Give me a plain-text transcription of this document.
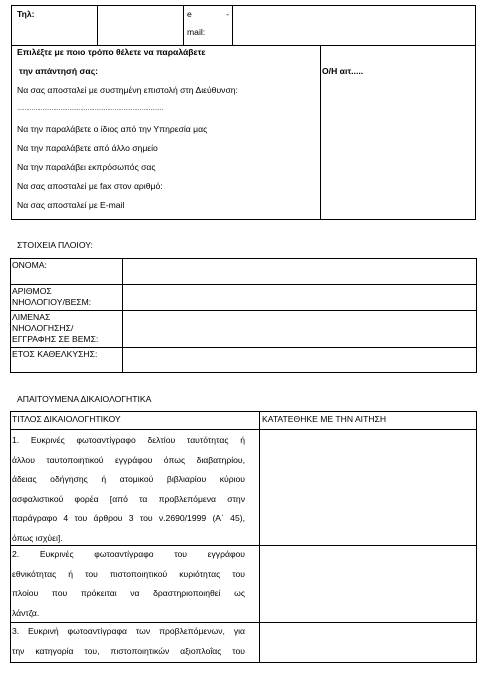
Τηλ:	e -
mail:
Επιλέξτε με ποιο τρόπο θέλετε να παραλάβετε
την απάντησή σας:	Ο/Η αιτ.....
Να σας αποσταλεί με συστημένη επιστολή στη Διεύθυνση:
………………………………………………………………………
Να την παραλάβετε ο ίδιος από την Υπηρεσία μας
Να την παραλάβετε από άλλο σημείο
Να την παραλάβει εκπρόσωπός σας
Να σας αποσταλεί με fax στον αριθμό:
Να σας αποσταλεί με E-mail
ΣΤΟΙΧΕΙΑ ΠΛΟΙΟΥ:
ΟΝΟΜΑ:
ΑΡΙΘΜΟΣ
ΝΗΟΛΟΓΙΟΥ/ΒΕΣΜ:
ΛΙΜΕΝΑΣ
ΝΗΟΛΟΓΗΣΗΣ/
ΕΓΓΡΑΦΗΣ ΣΕ ΒΕΜΣ:
ΕΤΟΣ ΚΑΘΕΛΚΥΣΗΣ:
ΑΠΑΙΤΟΥΜΕΝΑ ΔΙΚΑΙΟΛΟΓΗΤΙΚΑ
ΤΙΤΛΟΣ ΔΙΚΑΙΟΛΟΓΗΤΙΚΟΥ	ΚΑΤΑΤΕΘΗΚΕ ΜΕ ΤΗΝ ΑΙΤΗΣΗ
1. Ευκρινές φωτοαντίγραφο δελτίου ταυτότητας ή
άλλου ταυτοποιητικού εγγράφου όπως διαβατηρίου,
άδειας οδήγησης ή ατομικού βιβλιαρίου κύριου
ασφαλιστικού φορέα [από τα προβλεπόμενα στην
παράγραφο 4 του άρθρου 3 του ν.2690/1999 (Α΄ 45),
όπως ισχύει].
2. Ευκρινές φωτοαντίγραφο του εγγράφου
εθνικότητας ή του πιστοποιητικού κυριότητας του
πλοίου που πρόκειται να δραστηριοποιηθεί ως
λάντζα.
3. Ευκρινή φωτοαντίγραφα των προβλεπόμενων, για
την κατηγορία του, πιστοποιητικών αξιοπλοΐας του
